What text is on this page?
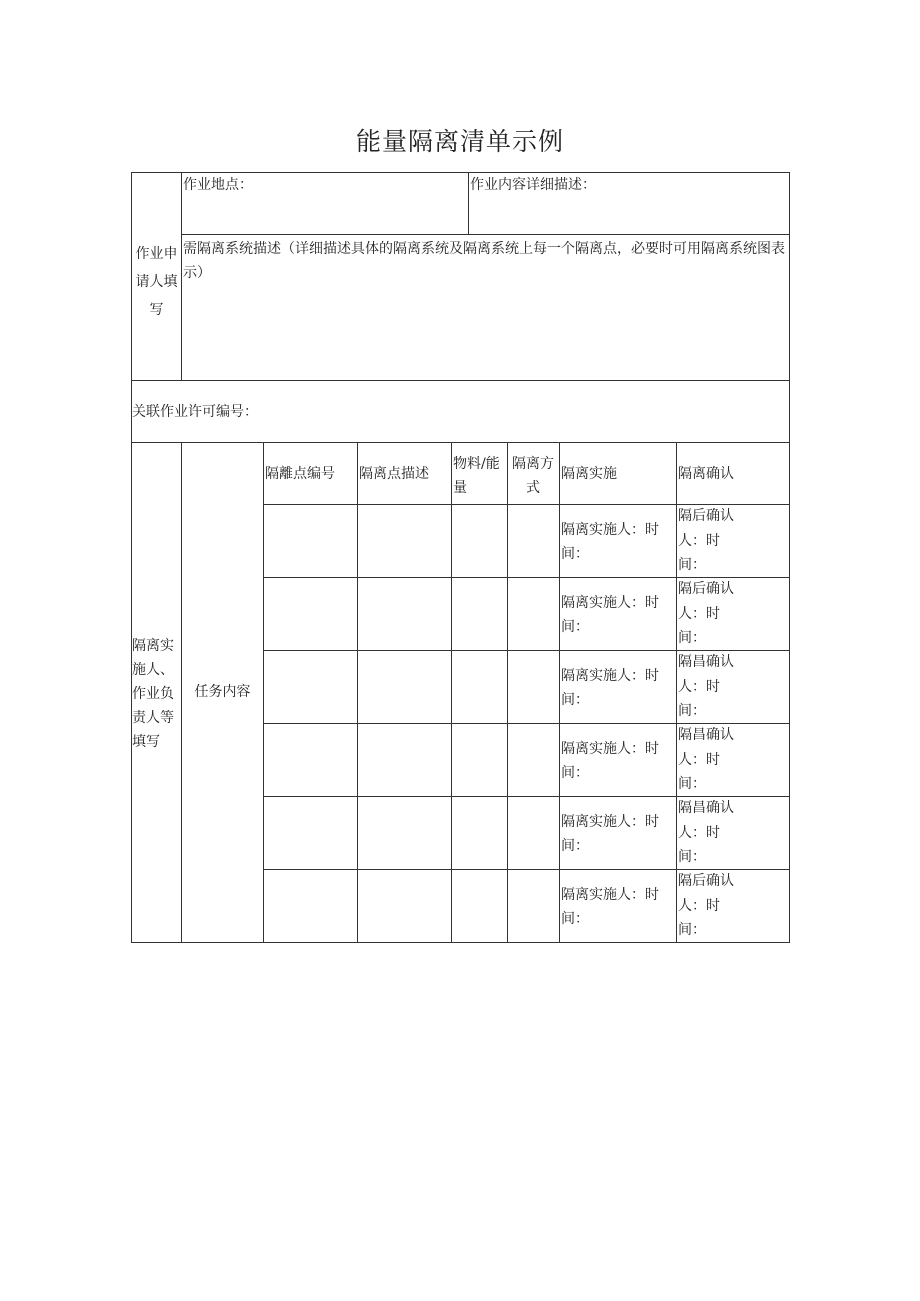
能量隔离清单示例
作业申请人填写
作业地点：	作业内容详细描述：
需隔离系统描述（详细描述具体的隔离系统及隔离系统上每一个隔离点，必要时可用隔离系统图表示）
关联作业许可编号：
隔离实施人、作业负责人等填写
任务内容
隔離点编号 隔离点描述
物料/能量
隔离方式
隔离实施	隔离确认
隔离实施人：时间：
隔后确认人：时间：
隔离实施人：时间：
隔后确认人：时间：
隔离实施人：时间：
隔昌确认人：时间：
隔离实施人：时间：
隔昌确认人：时间：
隔离实施人：时间：
隔昌确认人：时间：
隔离实施人：时间：
隔后确认人：时间：
